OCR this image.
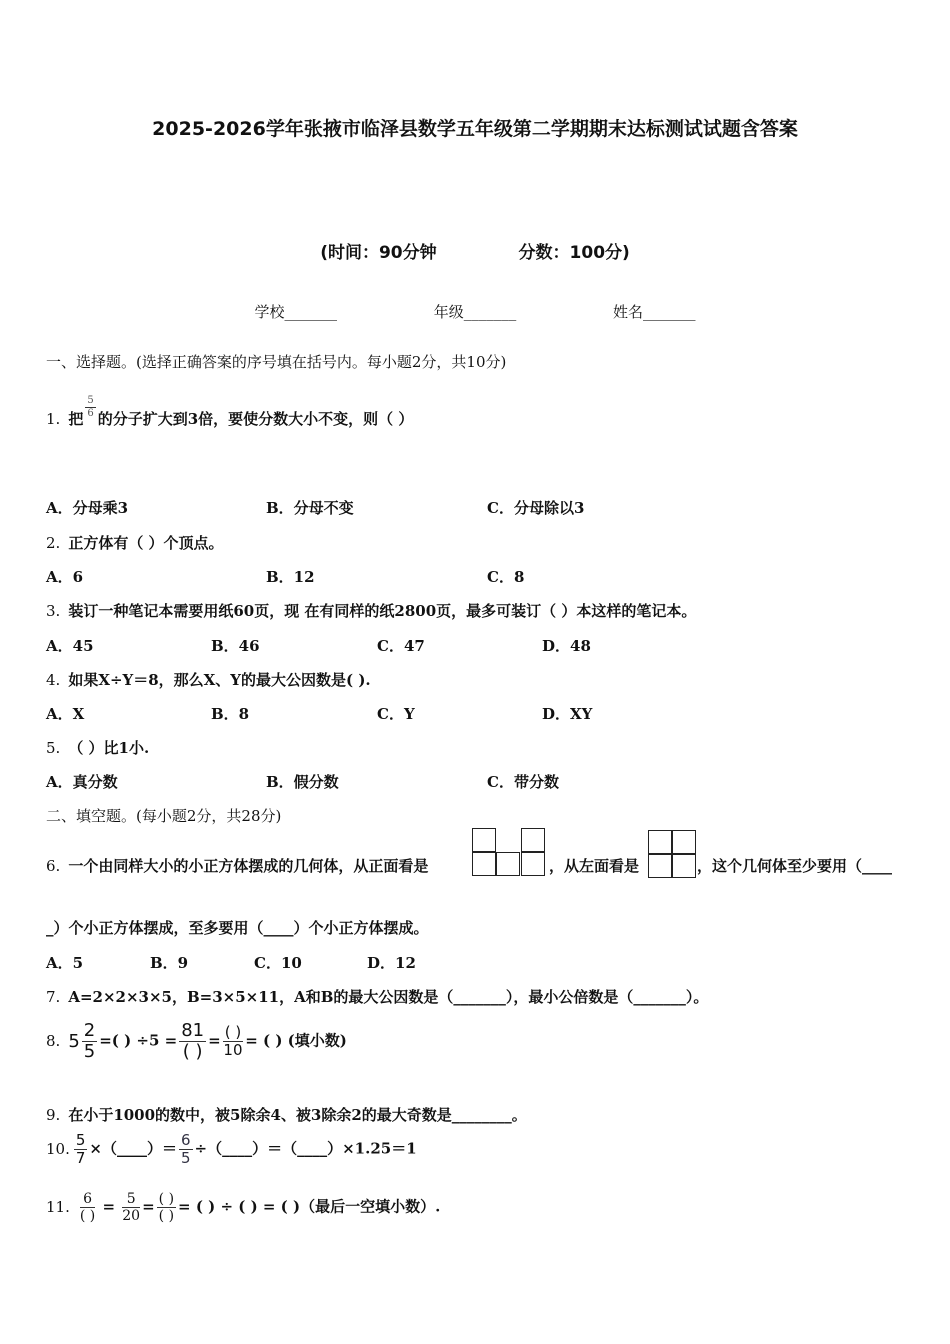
2025-2026学年张掖市临泽县数学五年级第二学期期末达标测试试题含答案
(时间：90分钟	分数：100分)
学校_______	年级_______	姓名_______
一、选择题。(选择正确答案的序号填在括号内。每小题2分，共10分)
1. 把 $\frac{5}{6}$ 的分子扩大到3倍，要使分数大小不变，则（ ）
A．分母乘3	B．分母不变	C．分母除以3
2. 正方体有（ ）个顶点。
A．6	B．12	C．8
3. 装订一种笔记本需要用纸60页，现 在有同样的纸2800页，最多可装订（ ）本这样的笔记本。
A．45	B．46	C．47	D．48
4. 如果X÷Y＝8，那么X、Y的最大公因数是( ).
A．X	B．8	C．Y	D．XY
5. （ ）比1小.
A．真分数	B．假分数	C．带分数
二、填空题。(每小题2分，共28分)
6. 一个由同样大小的小正方体摆成的几何体，从正面看是	，从左面看是	，这个几何体至少要用（____
_）个小正方体摆成，至多要用（____）个小正方体摆成。
A．5	B．9	C．10	D．12
7. A=2×2×3×5，B=3×5×11，A和B的最大公因数是（_______），最小公倍数是（_______）。
8. $5 \frac{2}{5}$ =( ) $\div 5 = \frac{81}{( )} = \frac{( )}{10}$ = ( ) (填小数)
9. 在小于1000的数中，被5除余4、被3除余2的最大奇数是________。
10. $\frac{5}{7}$ ×（____）＝ $\frac{6}{5}$ ÷（____）＝（____）×1.25＝1
11. $\frac{6}{( )} = \frac{5}{20} = \frac{( )}{( )}$ = ( ) ÷ ( ) = ( )（最后一空填小数）.
